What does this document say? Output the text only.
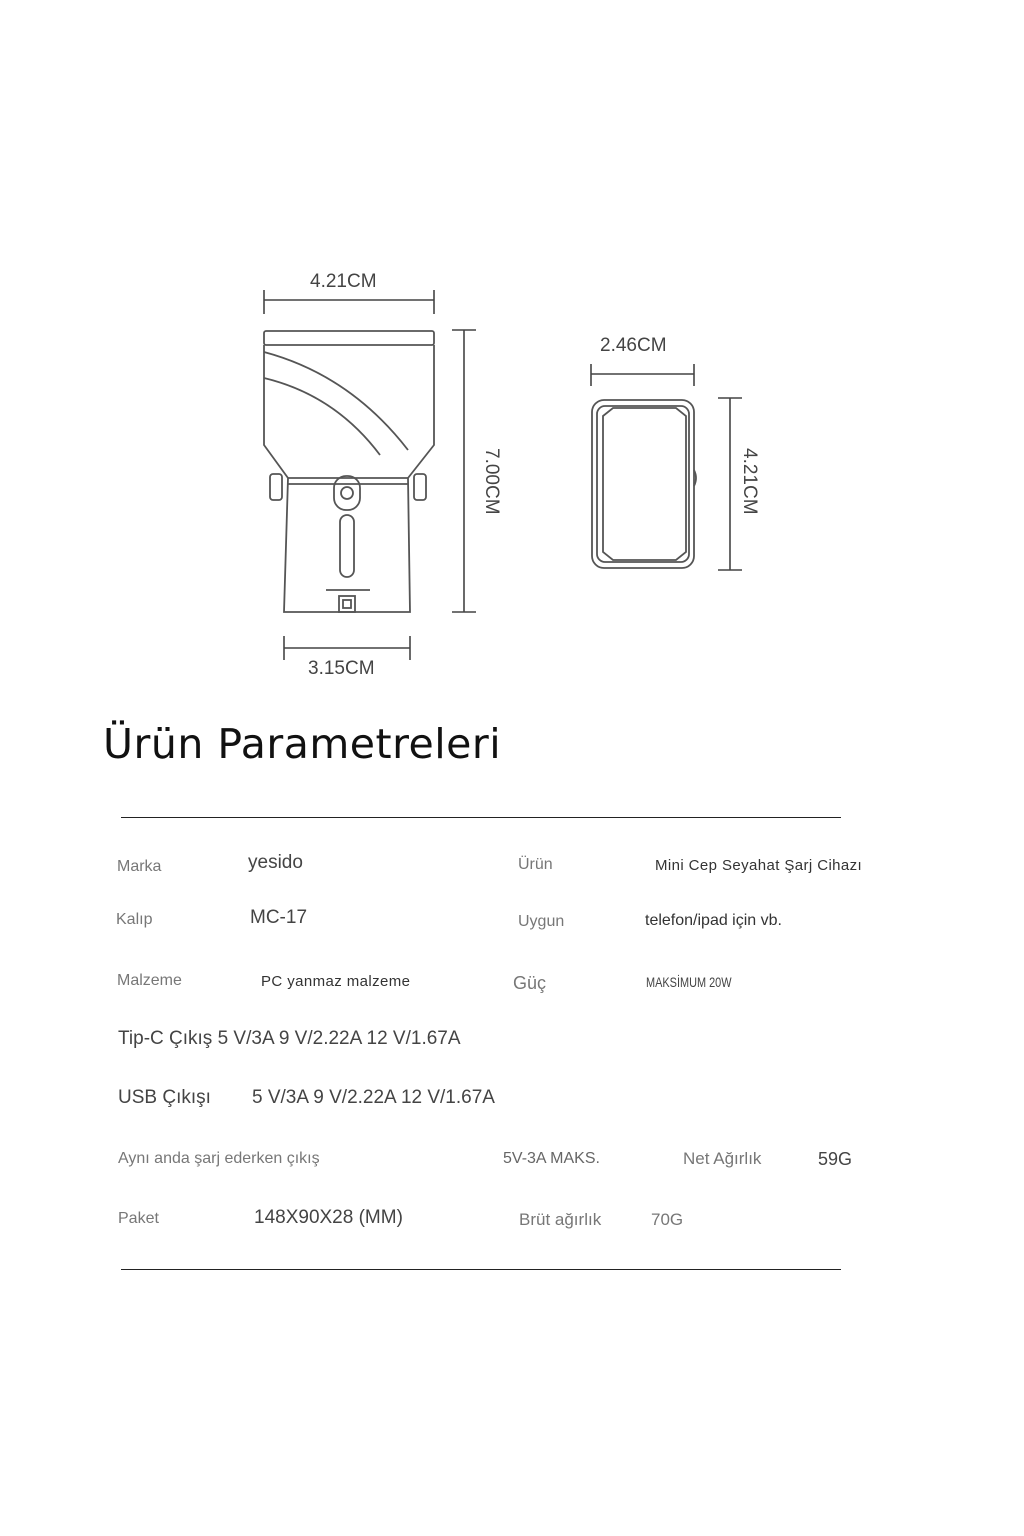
4.21CM
3.15CM
7.00CM
2.46CM
4.21CM
Ürün Parametreleri
Marka	yesido	Ürün	Mini Cep Seyahat Şarj Cihazı
Kalıp	MC-17	Uygun	telefon/ipad için vb.
Malzeme	PC yanmaz malzeme	Güç	MAKSİMUM 20W
Tip-C Çıkış 5 V/3A 9 V/2.22A 12 V/1.67A
USB Çıkışı 5 V/3A 9 V/2.22A 12 V/1.67A
Aynı anda şarj ederken çıkış	5V-3A MAKS.	Net Ağırlık	59G
Paket	148X90X28 (MM)	Brüt ağırlık	70G
